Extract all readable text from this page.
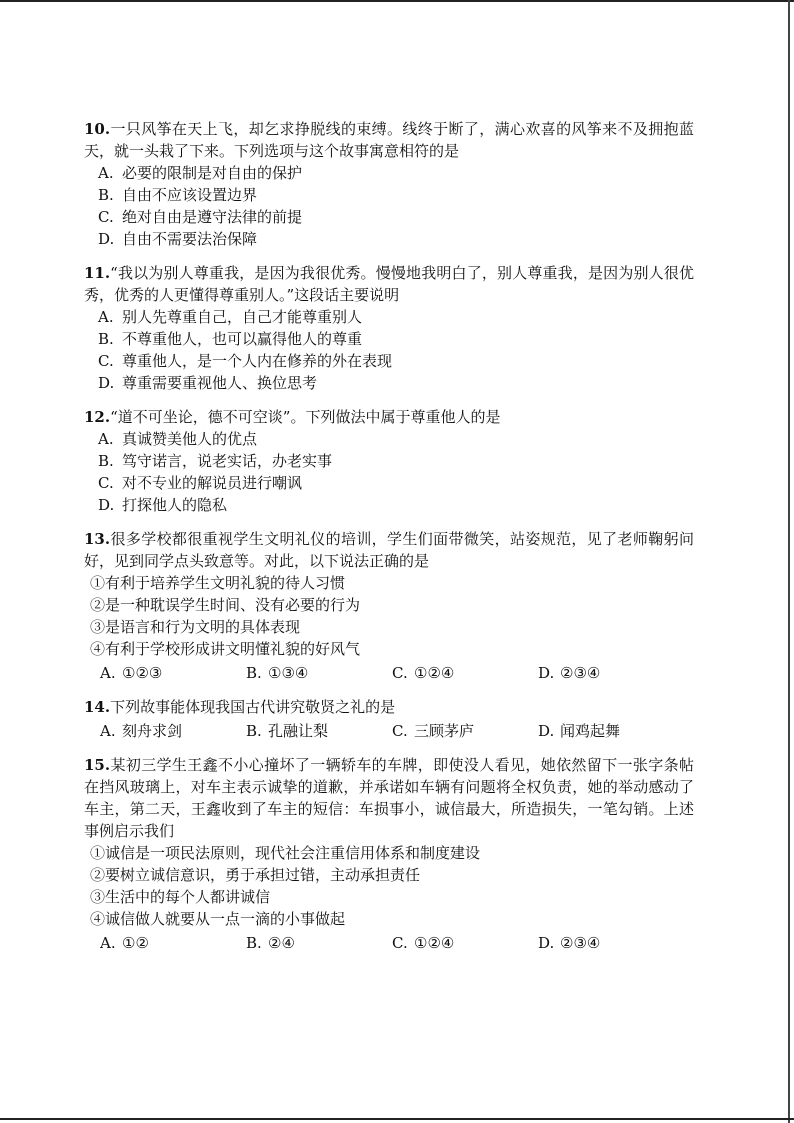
10.一只风筝在天上飞，却乞求挣脱线的束缚。线终于断了，满心欢喜的风筝来不及拥抱蓝天，就一头栽了下来。下列选项与这个故事寓意相符的是

A. 必要的限制是对自由的保护

B. 自由不应该设置边界

C. 绝对自由是遵守法律的前提

D. 自由不需要法治保障

11.“我以为别人尊重我，是因为我很优秀。慢慢地我明白了，别人尊重我，是因为别人很优秀，优秀的人更懂得尊重别人。”这段话主要说明

A. 别人先尊重自己，自己才能尊重别人

B. 不尊重他人，也可以赢得他人的尊重

C. 尊重他人，是一个人内在修养的外在表现

D. 尊重需要重视他人、换位思考

12.“道不可坐论，德不可空谈”。下列做法中属于尊重他人的是

A. 真诚赞美他人的优点

B. 笃守诺言，说老实话，办老实事

C. 对不专业的解说员进行嘲讽

D. 打探他人的隐私

13.很多学校都很重视学生文明礼仪的培训，学生们面带微笑，站姿规范，见了老师鞠躬问好，见到同学点头致意等。对此，以下说法正确的是

①有利于培养学生文明礼貌的待人习惯

②是一种耽误学生时间、没有必要的行为

③是语言和行为文明的具体表现

④有利于学校形成讲文明懂礼貌的好风气

A. ①②③	B. ①③④	C. ①②④	D. ②③④

14.下列故事能体现我国古代讲究敬贤之礼的是

A. 刻舟求剑	B. 孔融让梨	C. 三顾茅庐	D. 闻鸡起舞

15.某初三学生王鑫不小心撞坏了一辆轿车的车牌，即使没人看见，她依然留下一张字条帖在挡风玻璃上，对车主表示诚挚的道歉，并承诺如车辆有问题将全权负责，她的举动感动了车主，第二天，王鑫收到了车主的短信：车损事小，诚信最大，所造损失，一笔勾销。上述事例启示我们

①诚信是一项民法原则，现代社会注重信用体系和制度建设

②要树立诚信意识，勇于承担过错，主动承担责任

③生活中的每个人都讲诚信

④诚信做人就要从一点一滴的小事做起

A. ①②	B. ②④	C. ①②④	D. ②③④
